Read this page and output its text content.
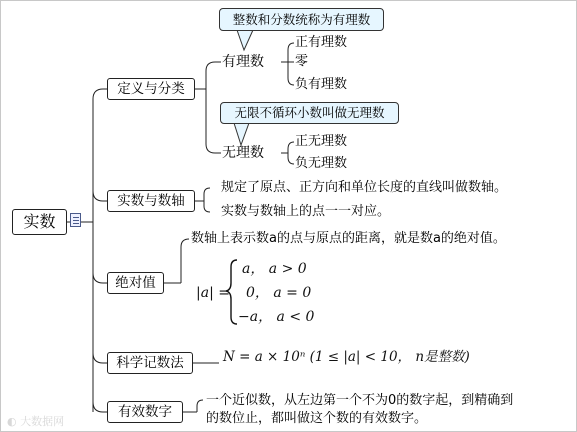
实数
定义与分类
实数与数轴
绝对值
科学记数法
有效数字
整数和分数统称为有理数
无限不循环小数叫做无理数
有理数
正有理数
零
负有理数
无理数
正无理数
负无理数
规定了原点、正方向和单位长度的直线叫做数轴。
实数与数轴上的点一一对应。
数轴上表示数a的点与原点的距离，就是数a的绝对值。
|a| =
a， a > 0
0， a = 0
−a， a < 0
N = a × 10ⁿ (1 ≤ |a| < 10， n是整数)
一个近似数，从左边第一个不为0的数字起，到精确到
的数位止，都叫做这个数的有效数字。
◐ 大数据网
